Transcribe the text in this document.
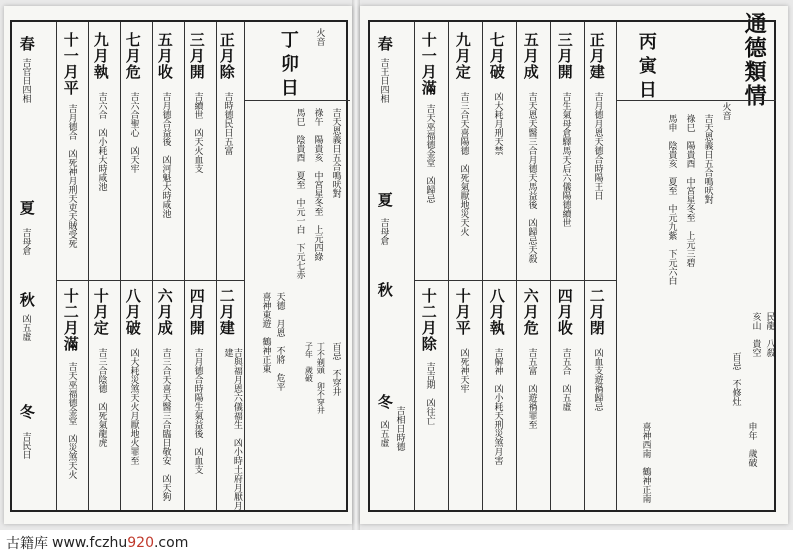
春
吉官日四相
夏
吉母倉
秋
凶五虛
冬
吉民日
十一月平
吉月德合　凶死神月刑天吏天賊受死
九月執
吉六合　凶小耗大時咸池
七月危
吉六合聖心　凶天牢
五月收
吉月德合益後　凶河魁大時咸池
三月開
吉續世　凶天火血支
正月除
吉時德民日五富
十二月滿
吉天巫福德金堂　凶災煞天火
十月定
吉三合陰德　凶死氣龍虎
八月破
凶大耗災煞天火月厭地火罪至
六月成
吉三合天喜天醫三合臨日敬安　凶天狗
四月開
吉月德合時陽生氣益後　凶血支
二月建
吉與福月恩六儀福生　凶小時土府月厭月建
火音
丁卯日
吉天恩義日五合鳴吠對
祿午　陽貴亥　中宮星冬至　上元四綠
馬巳　陰貴酉　夏至　中元一白　下元七赤
天德　月恩　不將　危平
喜神東遊　鶴神正東	百忌　不穿井
丁不剃頭　卯不穿井
子年　歲破
通德類情
春
吉王日四相
夏
吉母倉
秋
冬
吉相日時德
凶五虛
十一月滿
吉天巫福德金堂　凶歸忌
九月定
吉三合天喜陽德　凶死氣厭地災天火
七月破
凶大耗月刑天禁
五月成
吉天恩天醫三合月德天馬益後　凶歸忌天殺
三月開
吉生氣母倉驛馬天后六儀陽德續世
正月建
吉月德月恩天德合時陽王日
十二月除
吉吉期　凶往亡
十月平
凶死神天牢
八月執
吉解神　凶小耗天刑災煞月害
六月危
吉五富　凶遊禍罪至
四月收
吉五合　凶五虛
二月閉
凶血支遊禍歸忌
火音
丙寅日
吉天恩義日五合鳴吠對
祿巳　陽貴酉　中宮星冬至　上元三碧
馬申　陰貴亥　夏至　中元九紫　下元六白
民龍　八殺
亥山　貴空
百忌　不修灶
申年　歲破
喜神西南　鶴神正南
古籍库 www.fczhu 920 .com
